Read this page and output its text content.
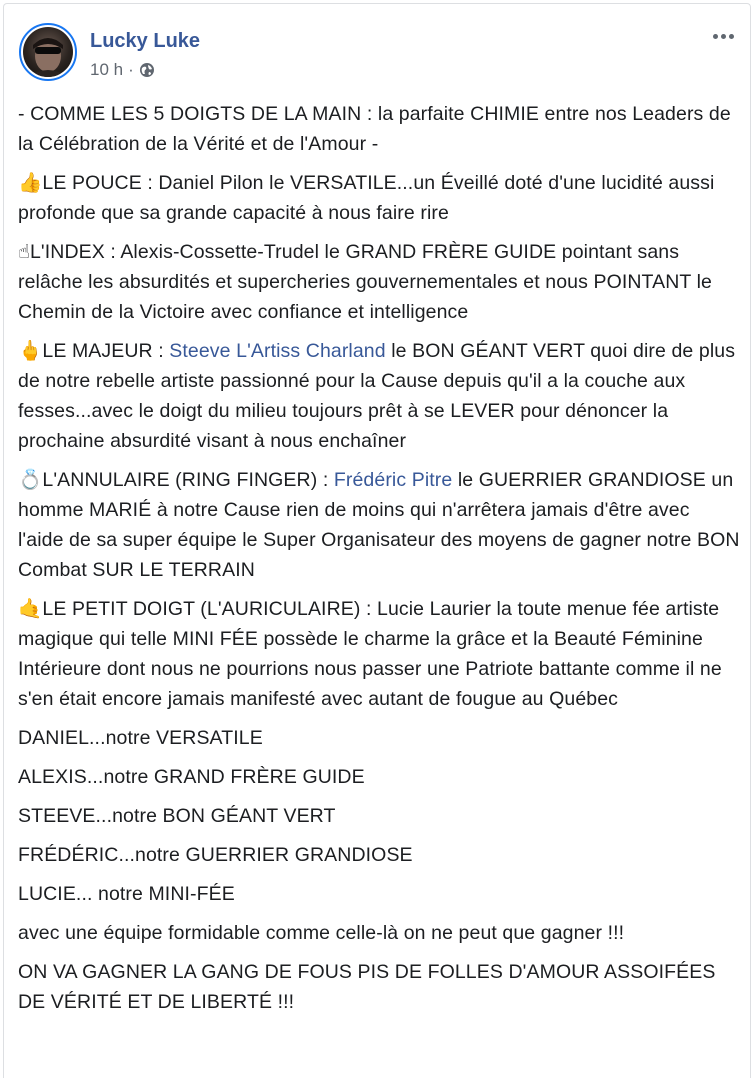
Lucky Luke
10 h ·

- COMME LES 5 DOIGTS DE LA MAIN : la parfaite CHIMIE entre nos Leaders de la Célébration de la Vérité et de l'Amour -

👍LE POUCE : Daniel Pilon le VERSATILE...un Éveillé doté d'une lucidité aussi profonde que sa grande capacité à nous faire rire

☝L'INDEX : Alexis-Cossette-Trudel le GRAND FRÈRE GUIDE pointant sans relâche les absurdités et supercheries gouvernementales et nous POINTANT le Chemin de la Victoire avec confiance et intelligence

🖕LE MAJEUR : Steeve L'Artiss Charland le BON GÉANT VERT quoi dire de plus de notre rebelle artiste passionné pour la Cause depuis qu'il a la couche aux fesses...avec le doigt du milieu toujours prêt à se LEVER pour dénoncer la prochaine absurdité visant à nous enchaîner

💍L'ANNULAIRE (RING FINGER) : Frédéric Pitre le GUERRIER GRANDIOSE un homme MARIÉ à notre Cause rien de moins qui n'arrêtera jamais d'être avec l'aide de sa super équipe le Super Organisateur des moyens de gagner notre BON Combat SUR LE TERRAIN

🤙LE PETIT DOIGT (L'AURICULAIRE) : Lucie Laurier la toute menue fée artiste magique qui telle MINI FÉE possède le charme la grâce et la Beauté Féminine Intérieure dont nous ne pourrions nous passer une Patriote battante comme il ne s'en était encore jamais manifesté avec autant de fougue au Québec

DANIEL...notre VERSATILE

ALEXIS...notre GRAND FRÈRE GUIDE

STEEVE...notre BON GÉANT VERT

FRÉDÉRIC...notre GUERRIER GRANDIOSE

LUCIE... notre MINI-FÉE

avec une équipe formidable comme celle-là on ne peut que gagner !!!

ON VA GAGNER LA GANG DE FOUS PIS DE FOLLES D'AMOUR ASSOIFÉES DE VÉRITÉ ET DE LIBERTÉ !!!
